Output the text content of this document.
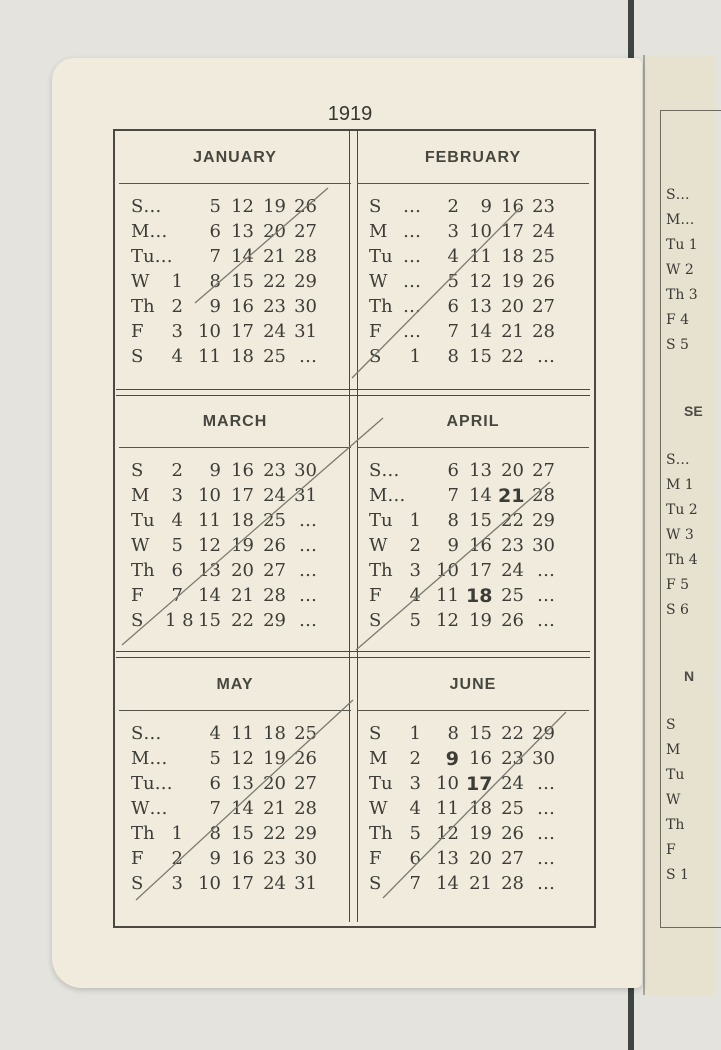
S…
M…
Tu 1
W 2
Th 3
F 4
S 5
SE
S…
M 1
Tu 2
W 3
Th 4
F 5
S 6
N
S
M
Tu
W
Th
F
S 1
1919
JANUARY
S…	5 12 19 26
M…	6 13 20 27
Tu…	7 14 21 28
W	1	8 15 22 29
Th 2	9 16 23 30
F	3 10 17 24 31
S	4 11 18 25 …
FEBRUARY
S	…	2	9 16 23
M …	3 10 17 24
Tu …	4 11 18 25
W …	5 12 19 26
Th …	6 13 20 27
F	…	7 14 21 28
S	1	8 15 22 …
MARCH
S	2	9 16 23 30
M	3 10 17 24 31
Tu 4 11 18 25 …
W	5 12 19 26 …
Th 6 13 20 27 …
F	7 14 21 28 …
S	1 8 15 22 29 …
APRIL
S…	6 13 20 27
M…	7 14 21 28
Tu 1	8 15 22 29
W	2	9 16 23 30
Th 3 10 17 24 …
F	4 11 18 25 …
S	5 12 19 26 …
MAY
S…	4 11 18 25
M…	5 12 19 26
Tu…	6 13 20 27
W…	7 14 21 28
Th 1	8 15 22 29
F	2	9 16 23 30
S	3 10 17 24 31
JUNE
S	1	8 15 22 29
M	2	9 16 23 30
Tu 3 10 17 24 …
W	4 11 18 25 …
Th 5 12 19 26 …
F	6 13 20 27 …
S	7 14 21 28 …
